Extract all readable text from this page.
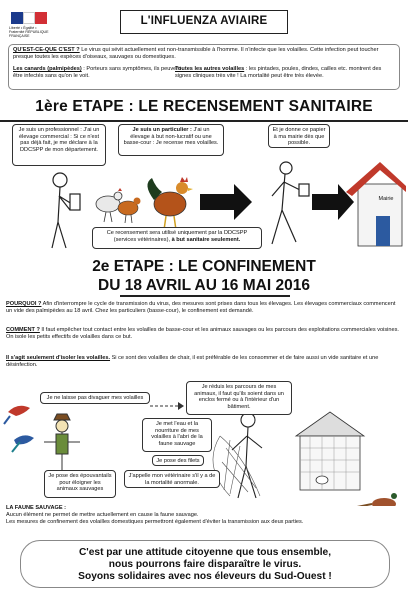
Liberté • Égalité • Fraternité RÉPUBLIQUE FRANÇAISE
L'INFLUENZA AVIAIRE
QU'EST-CE-QUE C'EST ? Le virus qui sévit actuellement est non-transmissible à l'homme. Il n'infecte que les volailles. Cette infection peut toucher presque toutes les espèces d'oiseaux, sauvages ou domestiques.
Les canards (palmipèdes) : Porteurs sans symptômes, ils peuvent être infectés sans qu'on le voit.
Toutes les autres volailles : les pintades, poules, dindes, cailles etc. montrent des signes cliniques très vite ! La mortalité peut être très élevée.
1ère ETAPE : LE RECENSEMENT SANITAIRE
Je suis un professionnel : J'ai un élevage commercial : Si ce n'est pas déjà fait, je me déclare à la DDCSPP de mon département.
Je suis un particulier : J'ai un élevage à but non-lucratif ou une basse-cour : Je recense mes volailles.
Et je donne ce papier à ma mairie dès que possible.
Mairie
Ce recensement sera utilisé uniquement par la DDCSPP (services vétérinaires), à but sanitaire seulement.
2e ETAPE : LE CONFINEMENT
DU 18 AVRIL AU 16 MAI 2016
POURQUOI ? Afin d'interrompre le cycle de transmission du virus, des mesures sont prises dans tous les élevages. Les élevages commerciaux commencent un vide des palmipèdes au 18 avril. Chez les particuliers (basse-cour), le confinement est demandé.
COMMENT ? Il faut empêcher tout contact entre les volailles de basse-cour et les animaux sauvages ou les parcours des exploitations commerciales voisines. On isole les petits effectifs de volailles dans ce but.
Il s'agit seulement d'isoler les volailles. Si ce sont des volailles de chair, il est préférable de les consommer et de faire aussi un vide sanitaire et une désinfection.
Je ne laisse pas divaguer mes volailles
Je réduis les parcours de mes animaux, il faut qu'ils soient dans un enclos fermé ou à l'intérieur d'un bâtiment.
Je met l'eau et la nourriture de mes volailles à l'abri de la faune sauvage
Je pose des filets
Je pose des épouvantails pour éloigner les animaux sauvages
J'appelle mon vétérinaire s'il y a de la mortalité anormale.
LA FAUNE SAUVAGE :
Aucun élément ne permet de mettre actuellement en cause la faune sauvage.
Les mesures de confinement des volailles domestiques permettront également d'éviter la transmission aux deux parties.
C'est par une attitude citoyenne que tous ensemble,
nous pourrons faire disparaître le virus.
Soyons solidaires avec nos éleveurs du Sud-Ouest !
